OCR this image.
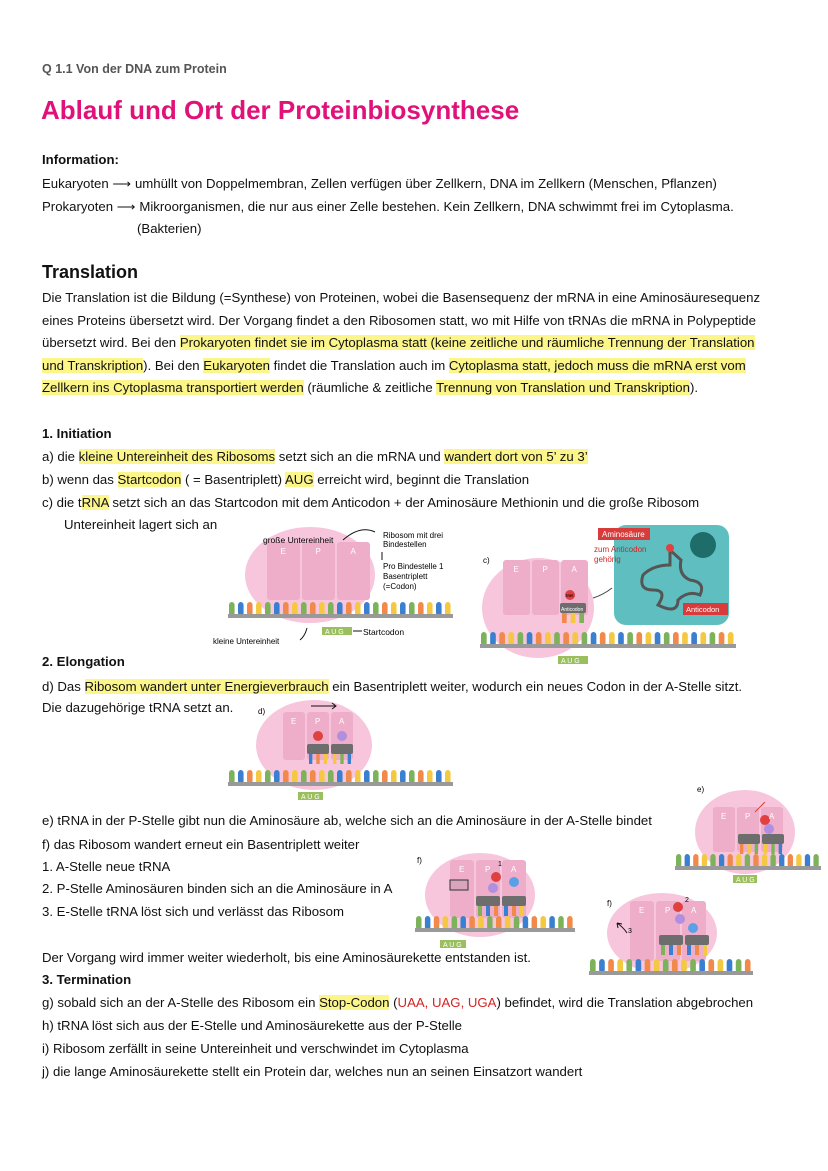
Q 1.1 Von der DNA zum Protein
Ablauf und Ort der Proteinbiosynthese
Information:
Translation
Eukaryoten ⟶ umhüllt von Doppelmembran, Zellen verfügen über Zellkern, DNA im Zellkern (Menschen, Pflanzen)
Prokaryoten ⟶ Mikroorganismen, die nur aus einer Zelle bestehen. Kein Zellkern, DNA schwimmt frei im Cytoplasma.
(Bakterien)
Die Translation ist die Bildung (=Synthese) von Proteinen, wobei die Basensequenz der mRNA in eine Aminosäuresequenz
eines Proteins übersetzt wird. Der Vorgang findet a den Ribosomen statt, wo mit Hilfe von tRNAs die mRNA in Polypeptide
übersetzt wird. Bei den Prokaryoten findet sie im Cytoplasma statt (keine zeitliche und räumliche Trennung der Translation
und Transkription). Bei den Eukaryoten findet die Translation auch im Cytoplasma statt, jedoch muss die mRNA erst vom
Zellkern ins Cytoplasma transportiert werden (räumliche & zeitliche Trennung von Translation und Transkription).
1. Initiation
a) die kleine Untereinheit des Ribosoms setzt sich an die mRNA und wandert dort von 5’ zu 3’
b) wenn das Startcodon ( = Basentriplett) AUG erreicht wird, beginnt die Translation
c) die tRNA setzt sich an das Startcodon mit dem Anticodon + der Aminosäure Methionin und die große Ribosom
Untereinheit lagert sich an
2. Elongation
d) Das Ribosom wandert unter Energieverbrauch ein Basentriplett weiter, wodurch ein neues Codon in der A-Stelle sitzt.
Die dazugehörige tRNA setzt an.
e) tRNA in der P-Stelle gibt nun die Aminosäure ab, welche sich an die Aminosäure in der A-Stelle bindet
f) das Ribosom wandert erneut ein Basentriplett weiter
1. A-Stelle neue tRNA
2. P-Stelle Aminosäuren binden sich an die Aminosäure in A
3. E-Stelle tRNA löst sich und verlässt das Ribosom
Der Vorgang wird immer weiter wiederholt, bis eine Aminosäurekette entstanden ist.
3. Termination
g) sobald sich an der A-Stelle des Ribosom ein Stop-Codon (UAA, UAG, UGA) befindet, wird die Translation abgebrochen
h) tRNA löst sich aus der E-Stelle und Aminosäurekette aus der P-Stelle
i) Ribosom zerfällt in seine Untereinheit und verschwindet im Cytoplasma
j) die lange Aminosäurekette stellt ein Protein dar, welches nun an seinen Einsatzort wandert
A U G
große Untereinheit	Ribosom mit drei
Bindestellen
Pro Bindestelle 1
Basentriplett
(=Codon)
kleine Untereinheit
Startcodon
E	P	A
c)
Aminosäure
zum Anticodon
gehörig
Anticodon
Anticodon
Met
A U G
E	P	A
d)
A U G
E P A
e)
A U G
E P A
f)	1
A U G
E	P	A
f)	2
3
E	P	A
